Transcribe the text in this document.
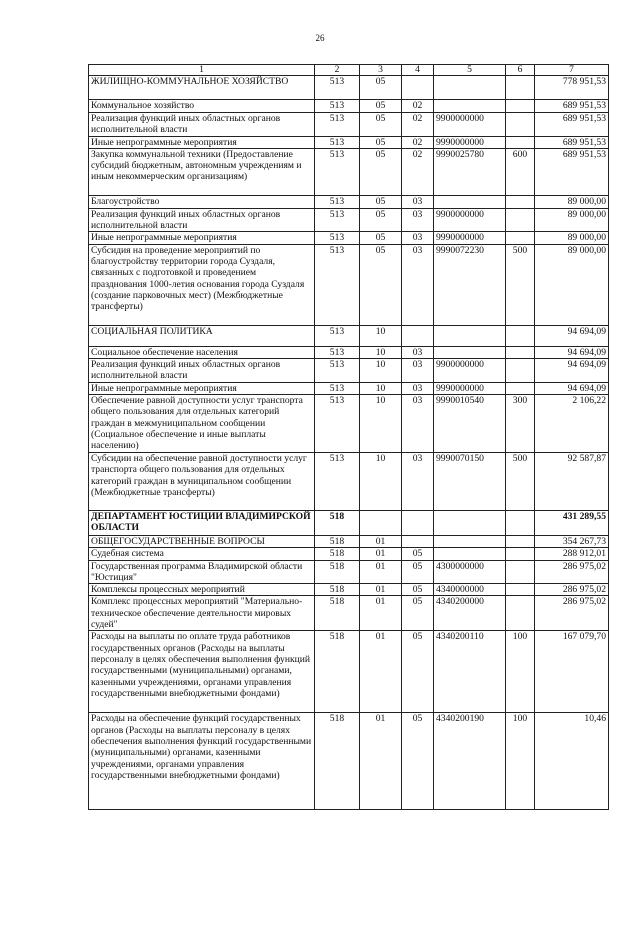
26
1	2	3	4	5	6	7
ЖИЛИЩНО-КОММУНАЛЬНОЕ ХОЗЯЙСТВО	513	05				778 951,53
Коммунальное хозяйство	513	05	02			689 951,53
Реализация функций иных областных органов исполнительной власти	513	05	02	9900000000		689 951,53
Иные непрограммные мероприятия	513	05	02	9990000000		689 951,53
Закупка коммунальной техники (Предоставление субсидий бюджетным, автономным учреждениям и иным некоммерческим организациям)	513	05	02	9990025780	600	689 951,53
Благоустройство	513	05	03			89 000,00
Реализация функций иных областных органов исполнительной власти	513	05	03	9900000000		89 000,00
Иные непрограммные мероприятия	513	05	03	9990000000		89 000,00
Субсидия на проведение мероприятий по благоустройству территории города Суздаля, связанных с подготовкой и проведением празднования 1000-летия основания города Суздаля (создание парковочных мест) (Межбюджетные трансферты)	513	05	03	9990072230	500	89 000,00
СОЦИАЛЬНАЯ ПОЛИТИКА	513	10				94 694,09
Социальное обеспечение населения	513	10	03			94 694,09
Реализация функций иных областных органов исполнительной власти	513	10	03	9900000000		94 694,09
Иные непрограммные мероприятия	513	10	03	9990000000		94 694,09
Обеспечение равной доступности услуг транспорта общего пользования для отдельных категорий граждан в межмуниципальном сообщении (Социальное обеспечение и иные выплаты населению)	513	10	03	9990010540	300	2 106,22
Субсидии на обеспечение равной доступности услуг транспорта общего пользования для отдельных категорий граждан в муниципальном сообщении (Межбюджетные трансферты)	513	10	03	9990070150	500	92 587,87
ДЕПАРТАМЕНТ ЮСТИЦИИ ВЛАДИМИРСКОЙ ОБЛАСТИ	518					431 289,55
ОБЩЕГОСУДАРСТВЕННЫЕ ВОПРОСЫ	518	01				354 267,73
Судебная система	518	01	05			288 912,01
Государственная программа Владимирской области "Юстиция"	518	01	05	4300000000		286 975,02
Комплексы процессных мероприятий	518	01	05	4340000000		286 975,02
Комплекс процессных мероприятий "Материально-техническое обеспечение деятельности мировых судей"	518	01	05	4340200000		286 975,02
Расходы на выплаты по оплате труда работников государственных органов (Расходы на выплаты персоналу в целях обеспечения выполнения функций государственными (муниципальными) органами, казенными учреждениями, органами управления государственными внебюджетными фондами)	518	01	05	4340200110	100	167 079,70
Расходы на обеспечение функций государственных органов (Расходы на выплаты персоналу в целях обеспечения выполнения функций государственными (муниципальными) органами, казенными учреждениями, органами управления государственными внебюджетными фондами)	518	01	05	4340200190	100	10,46
